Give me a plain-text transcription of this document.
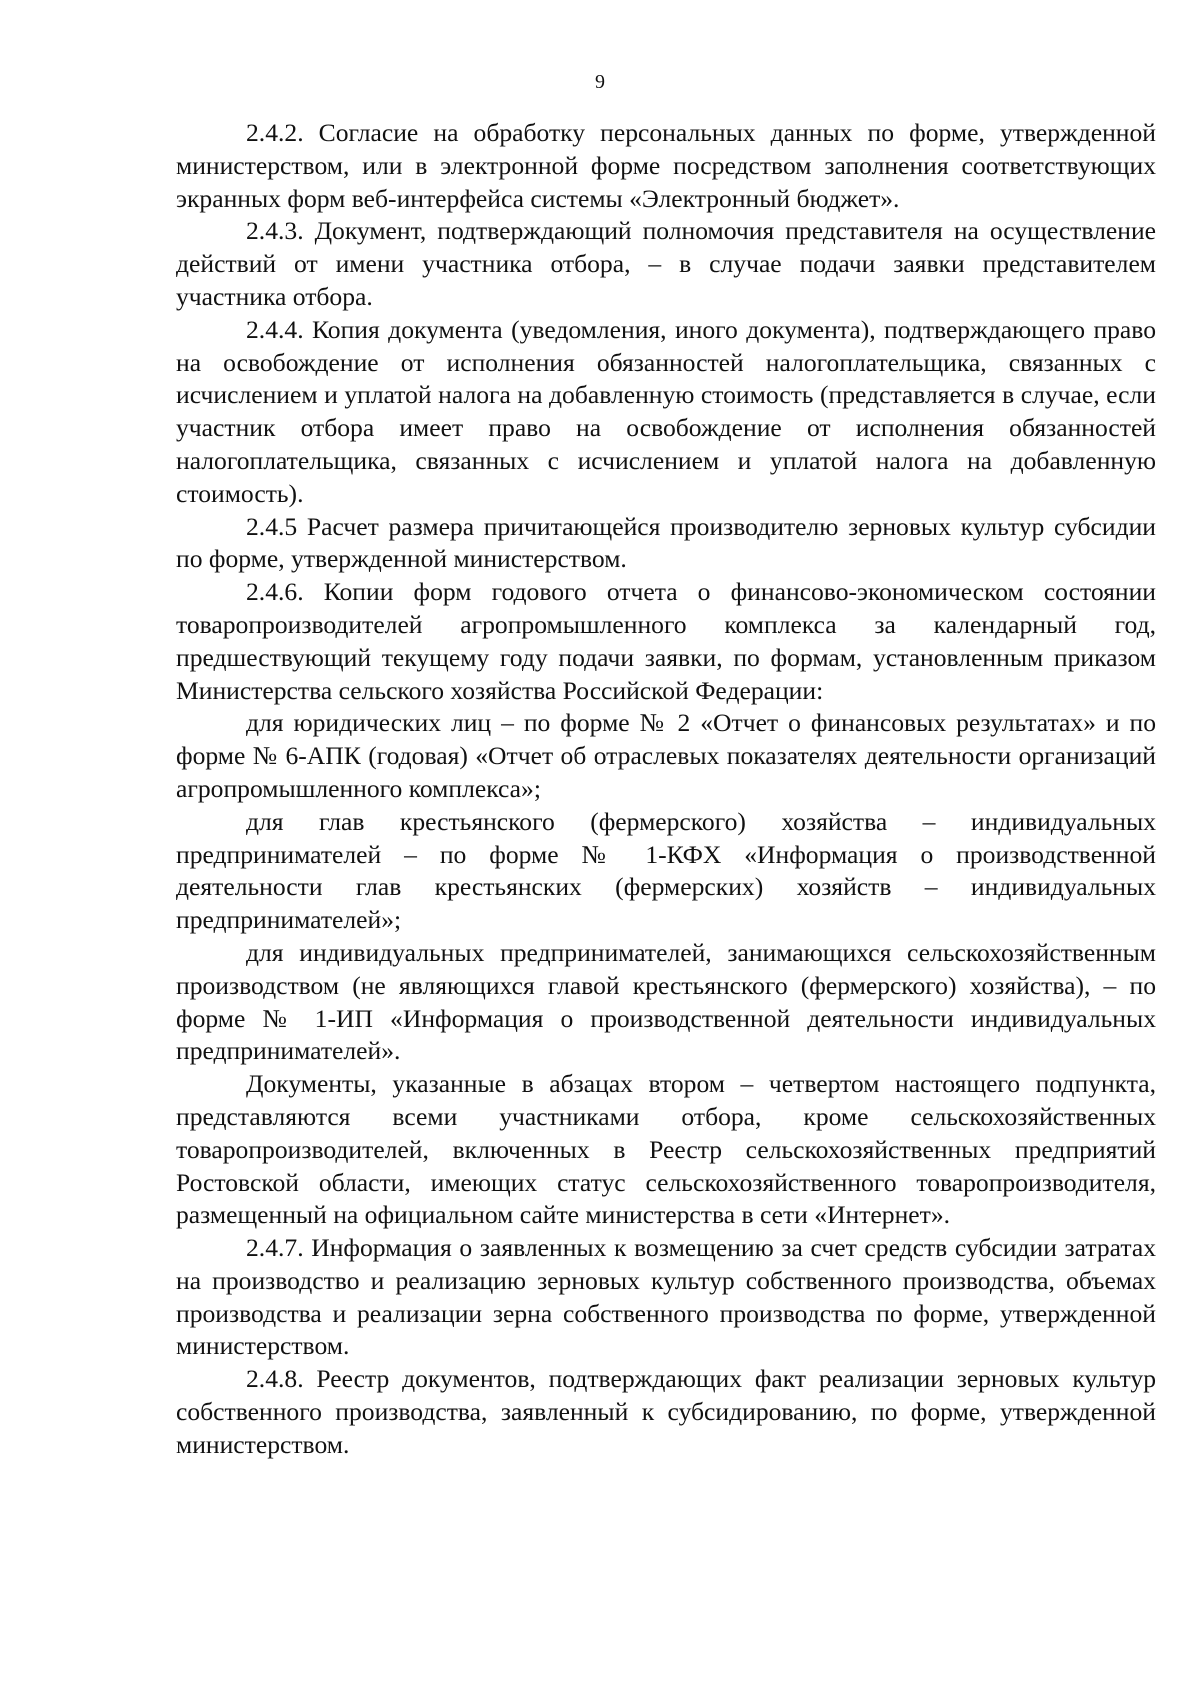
9

2.4.2. Согласие на обработку персональных данных по форме, утвержденной министерством, или в электронной форме посредством заполнения соответствующих экранных форм веб-интерфейса системы «Электронный бюджет».

2.4.3. Документ, подтверждающий полномочия представителя на осуществление действий от имени участника отбора, – в случае подачи заявки представителем участника отбора.

2.4.4. Копия документа (уведомления, иного документа), подтверждающего право на освобождение от исполнения обязанностей налогоплательщика, связанных с исчислением и уплатой налога на добавленную стоимость (представляется в случае, если участник отбора имеет право на освобождение от исполнения обязанностей налогоплательщика, связанных с исчислением и уплатой налога на добавленную стоимость).

2.4.5 Расчет размера причитающейся производителю зерновых культур субсидии по форме, утвержденной министерством.

2.4.6. Копии форм годового отчета о финансово-экономическом состоянии товаропроизводителей агропромышленного комплекса за календарный год, предшествующий текущему году подачи заявки, по формам, установленным приказом Министерства сельского хозяйства Российской Федерации:

для юридических лиц – по форме № 2 «Отчет о финансовых результатах» и по форме № 6-АПК (годовая) «Отчет об отраслевых показателях деятельности организаций агропромышленного комплекса»;

для глав крестьянского (фермерского) хозяйства – индивидуальных предпринимателей – по форме № 1-КФХ «Информация о производственной деятельности глав крестьянских (фермерских) хозяйств – индивидуальных предпринимателей»;

для индивидуальных предпринимателей, занимающихся сельскохозяйственным производством (не являющихся главой крестьянского (фермерского) хозяйства), – по форме № 1-ИП «Информация о производственной деятельности индивидуальных предпринимателей».

Документы, указанные в абзацах втором – четвертом настоящего подпункта, представляются всеми участниками отбора, кроме сельскохозяйственных товаропроизводителей, включенных в Реестр сельскохозяйственных предприятий Ростовской области, имеющих статус сельскохозяйственного товаропроизводителя, размещенный на официальном сайте министерства в сети «Интернет».

2.4.7. Информация о заявленных к возмещению за счет средств субсидии затратах на производство и реализацию зерновых культур собственного производства, объемах производства и реализации зерна собственного производства по форме, утвержденной министерством.

2.4.8. Реестр документов, подтверждающих факт реализации зерновых культур собственного производства, заявленный к субсидированию, по форме, утвержденной министерством.
